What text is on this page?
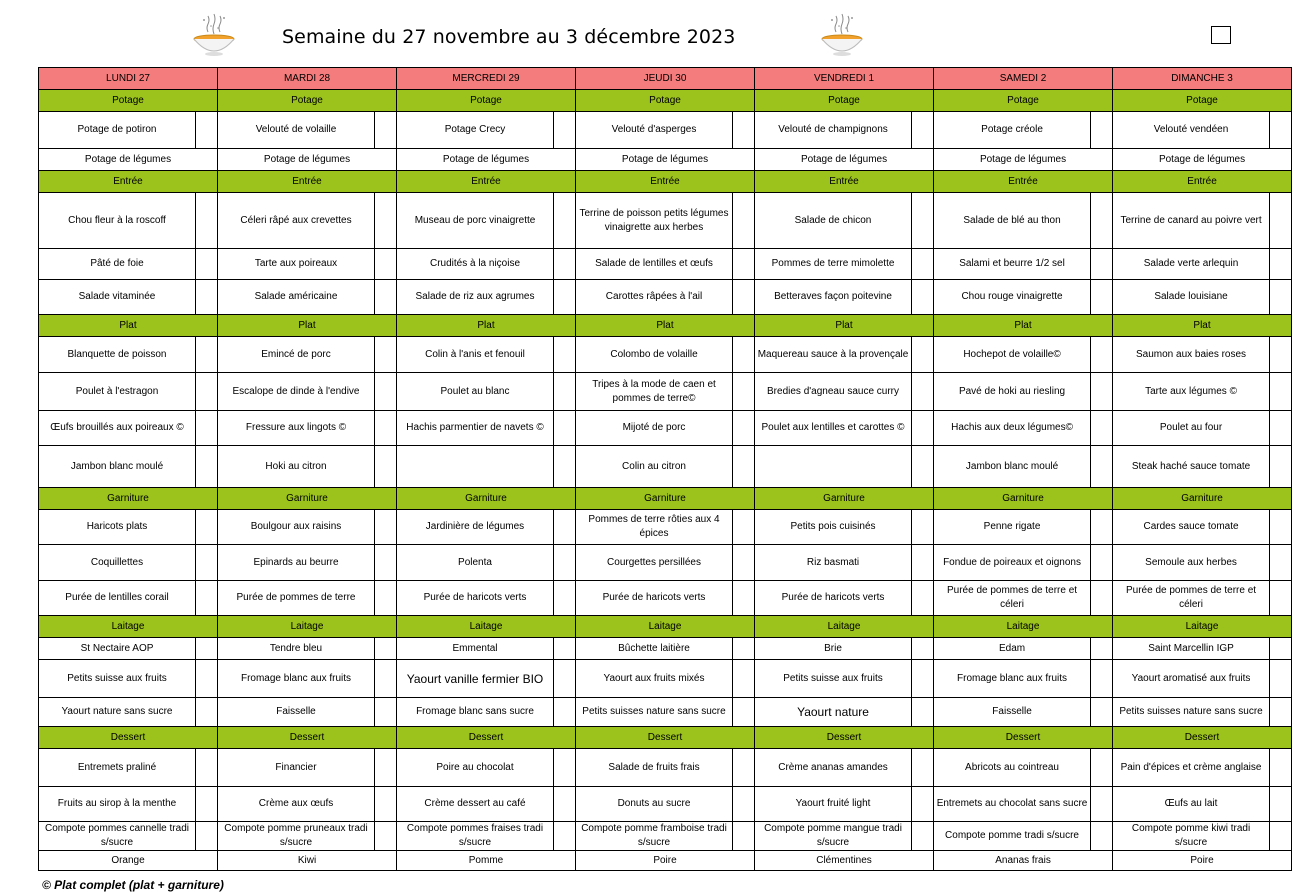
Semaine du 27 novembre au 3 décembre 2023
LUNDI 27		MARDI 28		MERCREDI 29		JEUDI 30		VENDREDI 1		SAMEDI 2		DIMANCHE 3	
Potage		Potage		Potage		Potage		Potage		Potage		Potage	
Potage de potiron		Velouté de volaille		Potage Crecy		Velouté d'asperges		Velouté de champignons		Potage créole		Velouté vendéen	
Potage de légumes		Potage de légumes		Potage de légumes		Potage de légumes		Potage de légumes		Potage de légumes		Potage de légumes	
Entrée		Entrée		Entrée		Entrée		Entrée		Entrée		Entrée	
Chou fleur à la roscoff		Céleri râpé aux crevettes		Museau de porc vinaigrette		Terrine de poisson petits légumes vinaigrette aux herbes		Salade de chicon		Salade de blé au thon		Terrine de canard au poivre vert	
Pâté de foie		Tarte aux poireaux		Crudités à la niçoise		Salade de lentilles et œufs		Pommes de terre mimolette		Salami et beurre 1/2 sel		Salade verte arlequin	
Salade vitaminée		Salade américaine		Salade de riz aux agrumes		Carottes râpées à l'ail		Betteraves façon poitevine		Chou rouge vinaigrette		Salade louisiane	
Plat		Plat		Plat		Plat		Plat		Plat		Plat	
Blanquette de poisson		Emincé de porc		Colin à l'anis et fenouil		Colombo de volaille		Maquereau sauce à la provençale		Hochepot de volaille©		Saumon aux baies roses	
Poulet à l'estragon		Escalope de dinde à l'endive		Poulet au blanc		Tripes à la mode de caen et pommes de terre©		Bredies d'agneau sauce curry		Pavé de hoki au riesling		Tarte aux légumes ©	
Œufs brouillés aux poireaux ©		Fressure aux lingots ©		Hachis parmentier de navets ©		Mijoté de porc		Poulet aux lentilles et carottes ©		Hachis aux deux légumes©		Poulet au four	
Jambon blanc moulé		Hoki au citron				Colin au citron				Jambon blanc moulé		Steak haché sauce tomate	
Garniture		Garniture		Garniture		Garniture		Garniture		Garniture		Garniture	
Haricots plats		Boulgour aux raisins		Jardinière de légumes		Pommes de terre rôties aux 4 épices		Petits pois cuisinés		Penne rigate		Cardes sauce tomate	
Coquillettes		Epinards au beurre		Polenta		Courgettes persillées		Riz basmati		Fondue de poireaux et oignons		Semoule aux herbes	
Purée de lentilles corail		Purée de pommes de terre		Purée de haricots verts		Purée de haricots verts		Purée de haricots verts		Purée de pommes de terre et céleri		Purée de pommes de terre et céleri	
Laitage		Laitage		Laitage		Laitage		Laitage		Laitage		Laitage	
St Nectaire AOP		Tendre bleu		Emmental		Bûchette laitière		Brie		Edam		Saint Marcellin IGP	
Petits suisse aux fruits		Fromage blanc aux fruits		Yaourt vanille fermier BIO		Yaourt aux fruits mixés		Petits suisse aux fruits		Fromage blanc aux fruits		Yaourt aromatisé aux fruits	
Yaourt nature sans sucre		Faisselle		Fromage blanc sans sucre		Petits suisses nature sans sucre		Yaourt nature		Faisselle		Petits suisses nature sans sucre	
Dessert		Dessert		Dessert		Dessert		Dessert		Dessert		Dessert	
Entremets praliné		Financier		Poire au chocolat		Salade de fruits frais		Crème ananas amandes		Abricots au cointreau		Pain d'épices et crème anglaise	
Fruits au sirop à la menthe		Crème aux œufs		Crème dessert au café		Donuts au sucre		Yaourt fruité light		Entremets au chocolat sans sucre		Œufs au lait	
Compote pommes cannelle tradi s/sucre		Compote pomme pruneaux tradi s/sucre		Compote pommes fraises tradi s/sucre		Compote pomme framboise tradi s/sucre		Compote pomme mangue tradi s/sucre		Compote pomme tradi s/sucre		Compote pomme kiwi tradi s/sucre	
Orange		Kiwi		Pomme		Poire		Clémentines		Ananas frais		Poire	
© Plat complet (plat + garniture)
